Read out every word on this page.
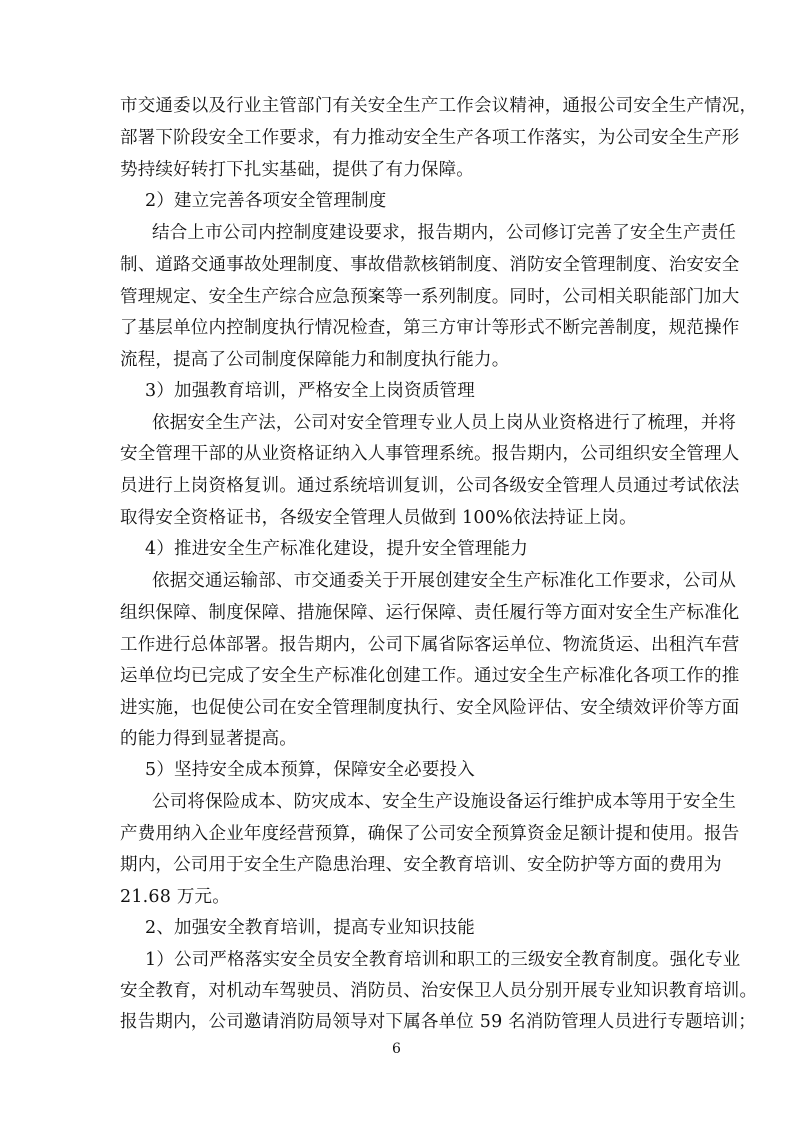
市交通委以及行业主管部门有关安全生产工作会议精神，通报公司安全生产情况，
部署下阶段安全工作要求，有力推动安全生产各项工作落实，为公司安全生产形
势持续好转打下扎实基础，提供了有力保障。
2）建立完善各项安全管理制度
结合上市公司内控制度建设要求，报告期内，公司修订完善了安全生产责任
制、道路交通事故处理制度、事故借款核销制度、消防安全管理制度、治安安全
管理规定、安全生产综合应急预案等一系列制度。同时，公司相关职能部门加大
了基层单位内控制度执行情况检查，第三方审计等形式不断完善制度，规范操作
流程，提高了公司制度保障能力和制度执行能力。
3）加强教育培训，严格安全上岗资质管理
依据安全生产法，公司对安全管理专业人员上岗从业资格进行了梳理，并将
安全管理干部的从业资格证纳入人事管理系统。报告期内，公司组织安全管理人
员进行上岗资格复训。通过系统培训复训，公司各级安全管理人员通过考试依法
取得安全资格证书，各级安全管理人员做到 100%依法持证上岗。
4）推进安全生产标准化建设，提升安全管理能力
依据交通运输部、市交通委关于开展创建安全生产标准化工作要求，公司从
组织保障、制度保障、措施保障、运行保障、责任履行等方面对安全生产标准化
工作进行总体部署。报告期内，公司下属省际客运单位、物流货运、出租汽车营
运单位均已完成了安全生产标准化创建工作。通过安全生产标准化各项工作的推
进实施，也促使公司在安全管理制度执行、安全风险评估、安全绩效评价等方面
的能力得到显著提高。
5）坚持安全成本预算，保障安全必要投入
公司将保险成本、防灾成本、安全生产设施设备运行维护成本等用于安全生
产费用纳入企业年度经营预算，确保了公司安全预算资金足额计提和使用。报告
期内，公司用于安全生产隐患治理、安全教育培训、安全防护等方面的费用为
21.68 万元。
2、加强安全教育培训，提高专业知识技能
1）公司严格落实安全员安全教育培训和职工的三级安全教育制度。强化专业
安全教育，对机动车驾驶员、消防员、治安保卫人员分别开展专业知识教育培训。
报告期内，公司邀请消防局领导对下属各单位 59 名消防管理人员进行专题培训；
6
